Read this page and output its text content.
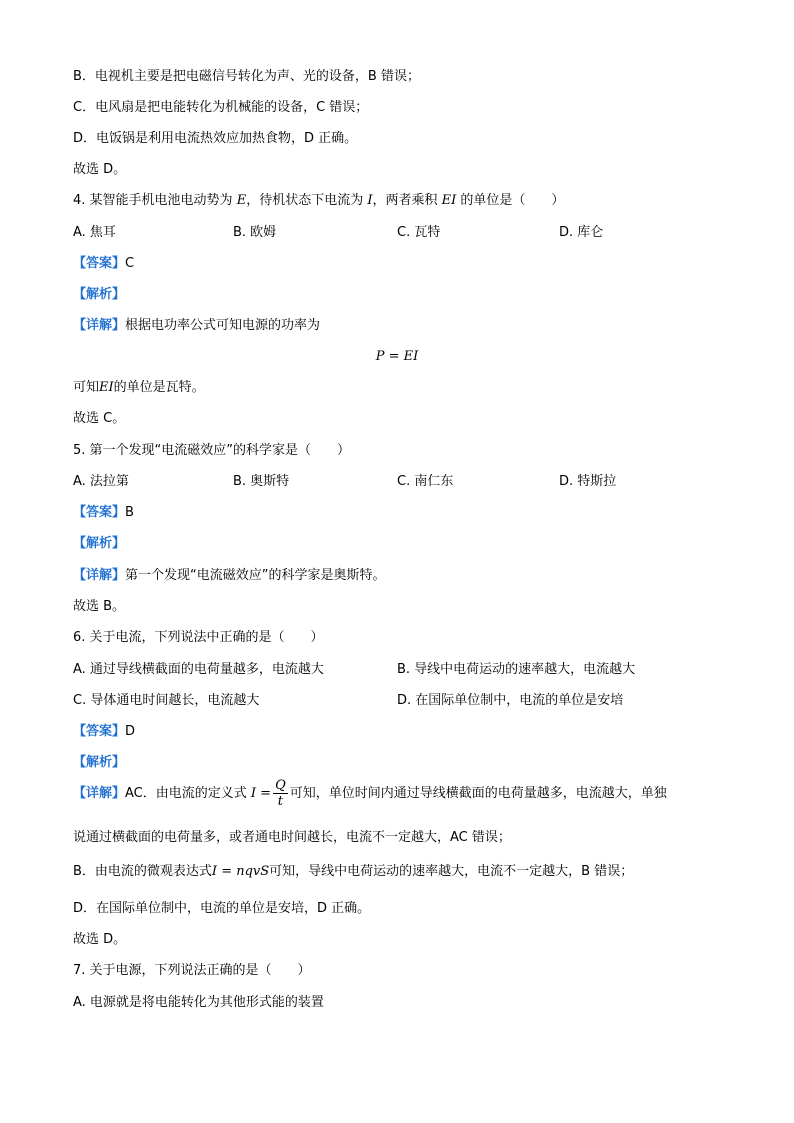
B．电视机主要是把电磁信号转化为声、光的设备，B 错误；
C．电风扇是把电能转化为机械能的设备，C 错误；
D．电饭锅是利用电流热效应加热食物，D 正确。
故选 D。
4. 某智能手机电池电动势为 E，待机状态下电流为 I，两者乘积 EI 的单位是（　　）
A. 焦耳	B. 欧姆	C. 瓦特	D. 库仑
【答案】C
【解析】
【详解】根据电功率公式可知电源的功率为
P = EI
可知EI的单位是瓦特。
故选 C。
5. 第一个发现“电流磁效应”的科学家是（　　）
A. 法拉第	B. 奥斯特	C. 南仁东	D. 特斯拉
【答案】B
【解析】
【详解】第一个发现“电流磁效应”的科学家是奥斯特。
故选 B。
6. 关于电流，下列说法中正确的是（　　）
A. 通过导线横截面的电荷量越多，电流越大	B. 导线中电荷运动的速率越大，电流越大
C. 导体通电时间越长，电流越大	D. 在国际单位制中，电流的单位是安培
【答案】D
【解析】
【详解】AC．由电流的定义式 $I = \frac{Q}{t}$ 可知，单位时间内通过导线横截面的电荷量越多，电流越大，单独
说通过横截面的电荷量多，或者通电时间越长，电流不一定越大，AC 错误；
B．由电流的微观表达式I = nqvS可知，导线中电荷运动的速率越大，电流不一定越大，B 错误；
D．在国际单位制中，电流的单位是安培，D 正确。
故选 D。
7. 关于电源，下列说法正确的是（　　）
A. 电源就是将电能转化为其他形式能的装置
